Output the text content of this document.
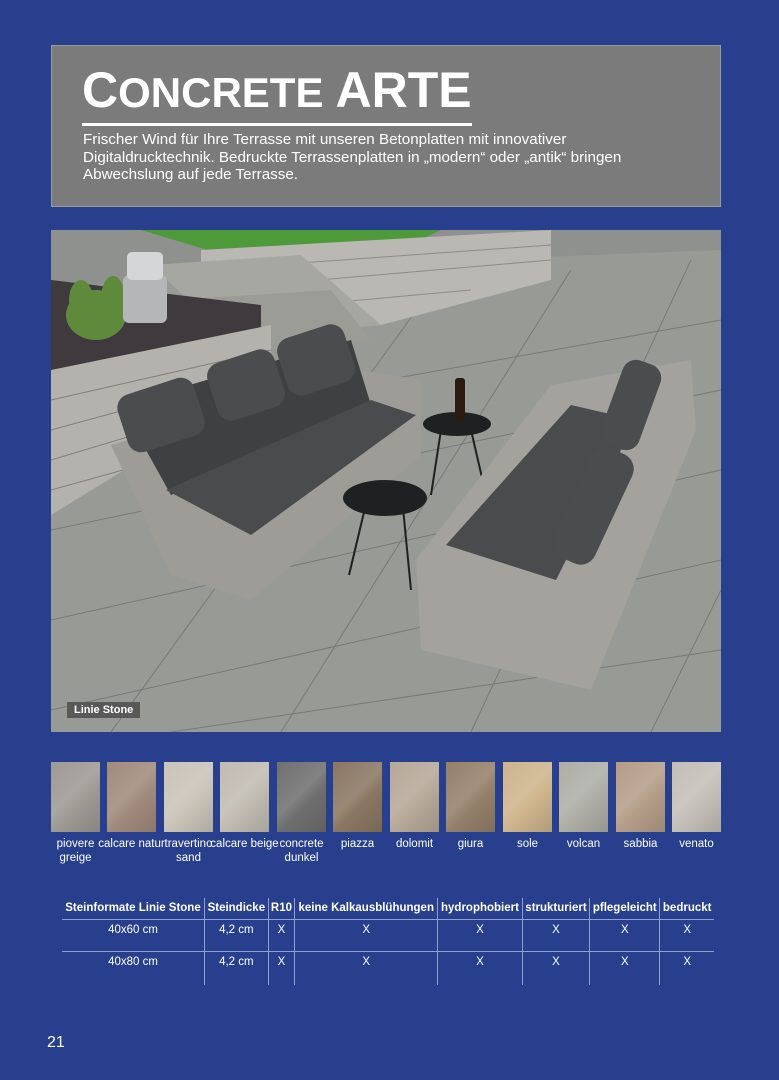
CONCRETE ARTE

Frischer Wind für Ihre Terrasse mit unseren Betonplatten mit innovativer Digitaldrucktechnik. Bedruckte Terrassenplatten in „modern“ oder „antik“ bringen Abwechslung auf jede Terrasse.

Linie Stone
piovere greige
calcare natur travertino sand
calcare beige concrete dunkel
piazza	dolomit	giura	sole	volcan	sabbia	venato
Steinformate Linie Stone	Steindicke	R10	keine Kalkausblühungen	hydrophobiert	strukturiert	pflegeleicht	bedruckt
40x60 cm	4,2 cm	X	X	X	X	X	X
40x80 cm	4,2 cm	X	X	X	X	X	X
21
